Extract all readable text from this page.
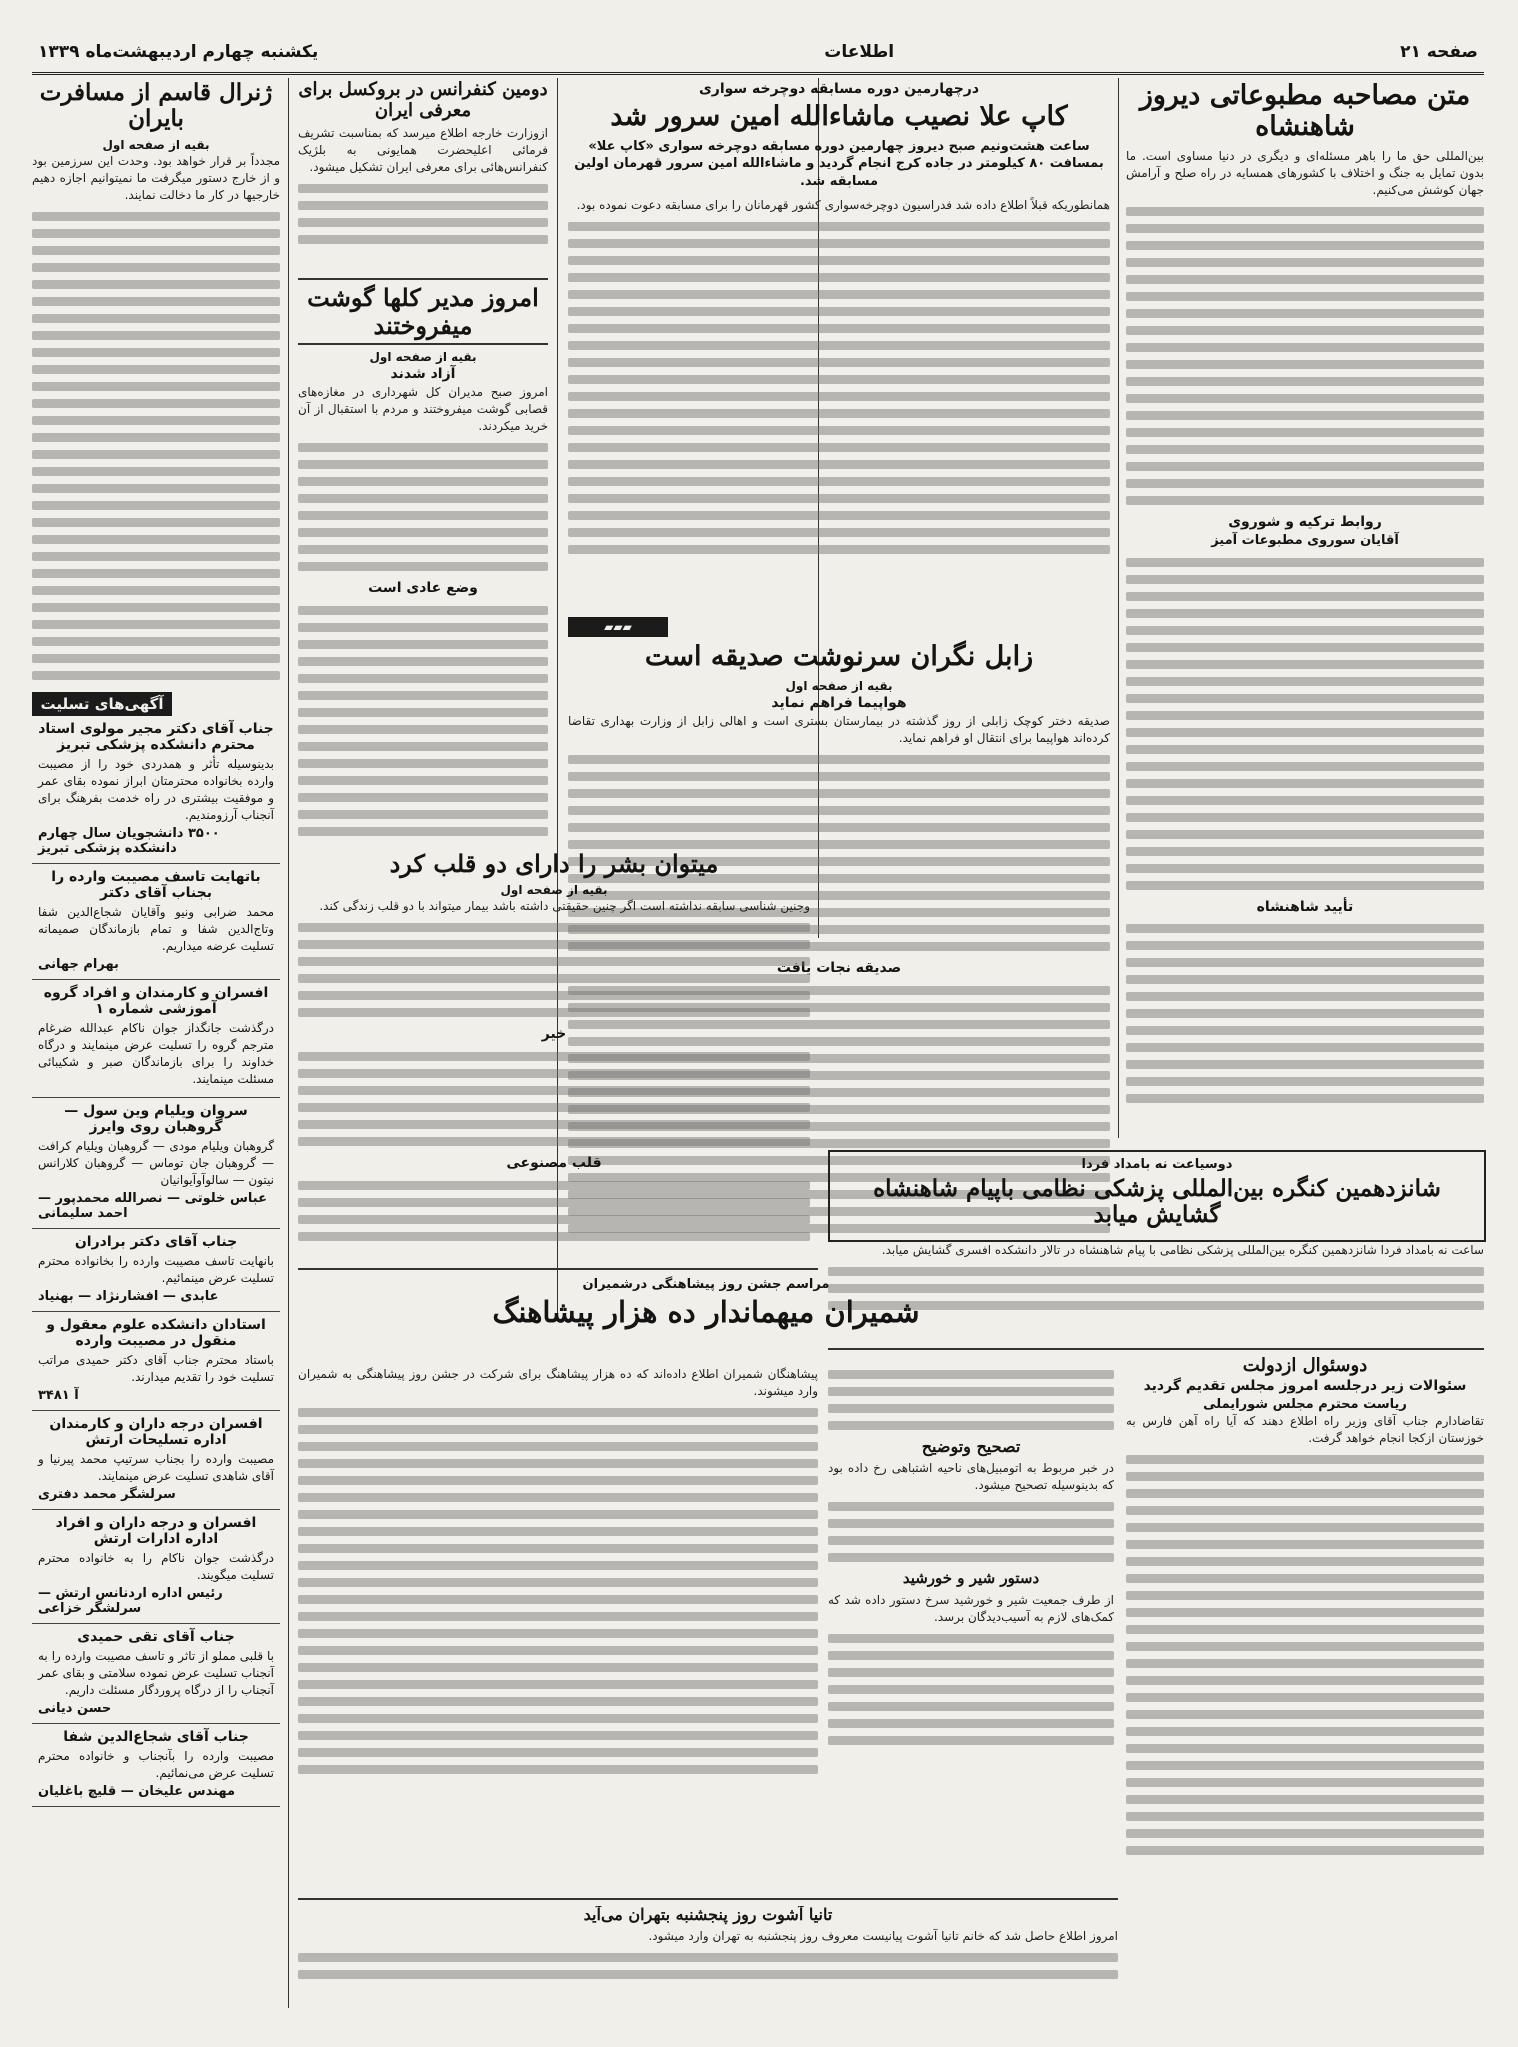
صفحه ۲۱
اطلاعات
یکشنبه چهارم اردیبهشت‌ماه ۱۳۳۹
متن مصاحبه مطبوعاتی دیروز شاهنشاه
بین‌المللی حق ما را باهر مسئله‌ای و دیگری در دنیا مساوی است. ما بدون تمایل به جنگ و اختلاف با کشورهای همسایه در راه صلح و آرامش جهان کوشش می‌کنیم.
روابط ترکیه و شوروی
آقایان سوروی مطبوعات آمیز
تأیید شاهنشاه
درچهارمین دوره مسابقه دوچرخه سواری
کاپ علا نصیب ماشاءالله امین سرور شد
ساعت هشت‌ونیم صبح دیروز چهارمین دوره مسابقه دوچرخه سواری «کاپ علا» بمسافت ۸۰ کیلومتر در جاده کرج انجام گردید و ماشاءالله امین سرور قهرمان اولین مسابقه شد.
همانطوریکه قبلاً اطلاع داده شد فدراسیون دوچرخه‌سواری کشور قهرمانان را برای مسابقه دعوت نموده بود.
▰▰▰
زابل نگران سرنوشت صدیقه است
بقیه از صفحه اول
هواپیما فراهم نماید
صدیقه دختر کوچک زابلی از روز گذشته در بیمارستان بستری است و اهالی زابل از وزارت بهداری تقاضا کرده‌اند هواپیما برای انتقال او فراهم نماید.
صدیقه نجات یافت
دومین کنفرانس در بروکسل برای معرفی ایران
ازوزارت خارجه اطلاع میرسد که بمناسبت تشریف فرمائی اعلیحضرت همایونی به بلژیک کنفرانس‌هائی برای معرفی ایران تشکیل میشود.
امروز مدیر کلها گوشت میفروختند
بقیه از صفحه اول
آزاد شدند
امروز صبح مدیران کل شهرداری در مغازه‌های قصابی گوشت میفروختند و مردم با استقبال از آن خرید میکردند.
وضع عادی است
میتوان بشر را دارای دو قلب کرد
بقیه از صفحه اول
وجنین شناسی سابقه نداشته است اگر چنین حقیقتی داشته باشد بیمار میتواند با دو قلب زندگی کند.
خیر
قلب مصنوعی
ژنرال قاسم از مسافرت بایران
بقیه از صفحه اول
مجدداً بر قرار خواهد بود. وحدت این سرزمین بود و از خارج دستور میگرفت ما نمیتوانیم اجازه دهیم خارجیها در کار ما دخالت نمایند.
آگهی‌های تسلیت
جناب آقای دکتر مجیر مولوی استاد محترم دانشکده پزشکی تبریز
بدینوسیله تأثر و همدردی خود را از مصیبت وارده بخانواده محترمتان ابراز نموده بقای عمر و موفقیت بیشتری در راه خدمت بفرهنگ برای آنجناب آرزومندیم.
۳۵۰۰ دانشجویان سال چهارم دانشکده پزشکی تبریز
باتهایت تاسف مصیبت وارده را بجناب آقای دکتر
محمد ضرابی ونیو وآقایان شجاع‌الدین شفا وتاج‌الدین شفا و تمام بازماندگان صمیمانه تسلیت عرضه میداریم.
بهرام جهانی
افسران و کارمندان و افراد گروه آموزشی شماره ۱
درگذشت جانگداز جوان ناکام عبدالله ضرغام مترجم گروه را تسلیت عرض مینمایند و درگاه خداوند را برای بازماندگان صبر و شکیبائی مسئلت مینمایند.
سروان ویلیام وین سول — گروهبان روی وایرز
گروهبان ویلیام مودی — گروهبان ویلیام کرافت — گروهبان جان توماس — گروهبان کلارانس نیتون — سالوآوآیوانیان
عباس خلوتی — نصرالله محمدپور — احمد سلیمانی
جناب آقای دکتر برادران
بانهایت تاسف مصیبت وارده را بخانواده محترم تسلیت عرض مینمائیم.
عابدی — افشارنژاد — بهنیاد
استادان دانشکده علوم معقول و منقول در مصیبت وارده
باستاد محترم جناب آقای دکتر حمیدی مراتب تسلیت خود را تقدیم میدارند.
آ ۳۴۸۱
افسران درجه داران و کارمندان اداره تسلیحات ارتش
مصیبت وارده را بجناب سرتیپ محمد پیرنیا و آقای شاهدی تسلیت عرض مینمایند.
سرلشگر محمد دفتری
افسران و درجه داران و افراد اداره ادارات ارتش
درگذشت جوان ناکام را به خانواده محترم تسلیت میگویند.
رئیس اداره اردنانس ارتش — سرلشگر خزاعی
جناب آقای تقی حمیدی
با قلبی مملو از تاثر و تاسف مصیبت وارده را به آنجناب تسلیت عرض نموده سلامتی و بقای عمر آنجناب را از درگاه پروردگار مسئلت داریم.
حسن دیانی
جناب آقای شجاع‌الدین شفا
مصیبت وارده را بآنجناب و خانواده محترم تسلیت عرض می‌نمائیم.
مهندس علیخان — قلیچ باغلیان
دوسیاعت نه بامداد فردا
شانزدهمین کنگره بین‌المللی پزشکی نظامی باپیام شاهنشاه گشایش میابد
ساعت نه بامداد فردا شانزدهمین کنگره بین‌المللی پزشکی نظامی با پیام شاهنشاه در تالار دانشکده افسری گشایش میابد.
دوسئوال ازدولت
سئوالات زیر درجلسه امروز مجلس تقدیم گردید
ریاست محترم مجلس شورایملی
تقاضادارم جناب آقای وزیر راه اطلاع دهند که آیا راه آهن فارس به خوزستان ازکجا انجام خواهد گرفت.
مراسم جشن روز پیشاهنگی درشمیران
شمیران میهماندار ده هزار پیشاهنگ
پیشاهنگان شمیران اطلاع داده‌اند که ده هزار پیشاهنگ برای شرکت در جشن روز پیشاهنگی به شمیران وارد میشوند.
تصحیح وتوضیح
در خبر مربوط به اتومبیل‌های ناحیه اشتباهی رخ داده بود که بدینوسیله تصحیح میشود.
دستور شیر و خورشید
از طرف جمعیت شیر و خورشید سرخ دستور داده شد که کمک‌های لازم به آسیب‌دیدگان برسد.
تانیا آشوت روز پنجشنبه بتهران می‌آید
امروز اطلاع حاصل شد که خانم تانیا آشوت پیانیست معروف روز پنجشنبه به تهران وارد میشود.
